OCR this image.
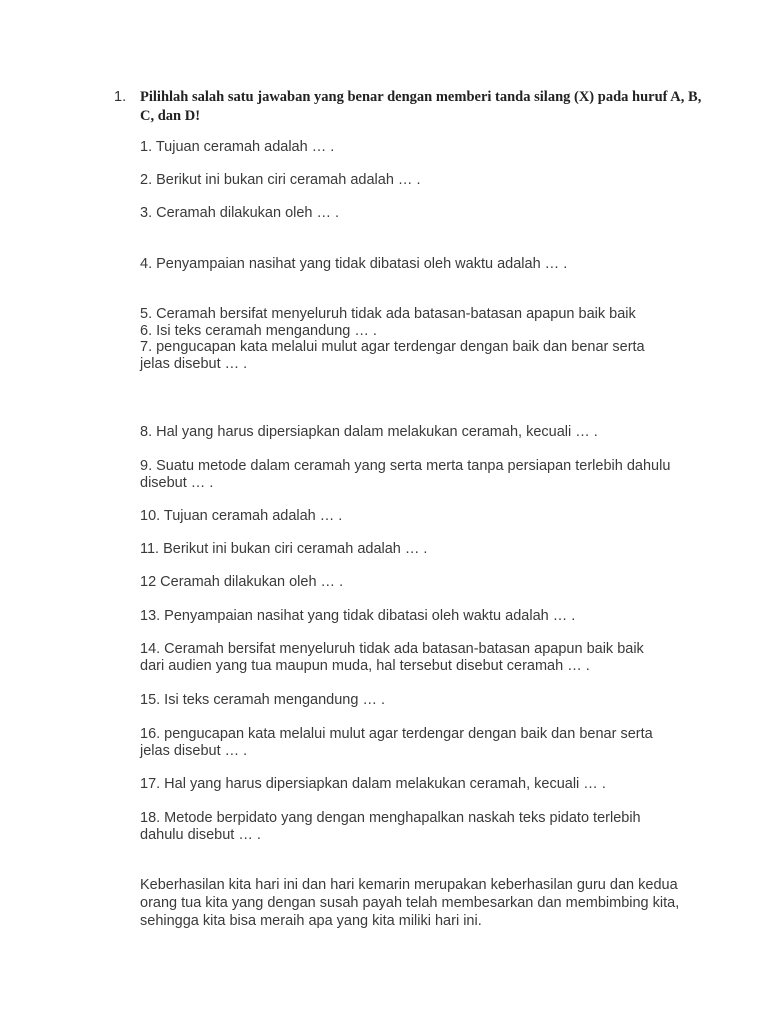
1. Pilihlah salah satu jawaban yang benar dengan memberi tanda silang (X) pada huruf A, B, C, dan D!
1. Tujuan ceramah adalah … .
2. Berikut ini bukan ciri ceramah adalah … .
3. Ceramah dilakukan oleh … .
4. Penyampaian nasihat yang tidak dibatasi oleh waktu adalah … .
5. Ceramah bersifat menyeluruh tidak ada batasan-batasan apapun baik baik
6. Isi teks ceramah mengandung … .
7. pengucapan kata melalui mulut agar terdengar dengan baik dan benar serta jelas disebut … .
8. Hal yang harus dipersiapkan dalam melakukan ceramah, kecuali … .
9. Suatu metode dalam ceramah yang serta merta tanpa persiapan terlebih dahulu disebut … .
10. Tujuan ceramah adalah … .
11. Berikut ini bukan ciri ceramah adalah … .
12 Ceramah dilakukan oleh … .
13. Penyampaian nasihat yang tidak dibatasi oleh waktu adalah … .
14. Ceramah bersifat menyeluruh tidak ada batasan-batasan apapun baik baik dari audien yang tua maupun muda, hal tersebut disebut ceramah … .
15. Isi teks ceramah mengandung … .
16. pengucapan kata melalui mulut agar terdengar dengan baik dan benar serta jelas disebut … .
17. Hal yang harus dipersiapkan dalam melakukan ceramah, kecuali … .
18. Metode berpidato yang dengan menghapalkan naskah teks pidato terlebih dahulu disebut … .
Keberhasilan kita hari ini dan hari kemarin merupakan keberhasilan guru dan kedua orang tua kita yang dengan susah payah telah membesarkan dan membimbing kita, sehingga kita bisa meraih apa yang kita miliki hari ini.
